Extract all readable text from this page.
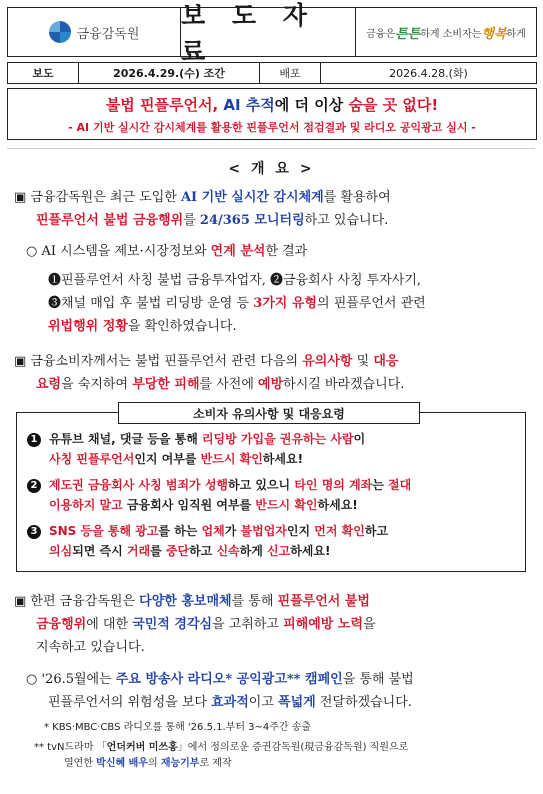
금융감독원
보 도 자 료
금융은 튼튼 하게 소비자는 행복 하게
보도	2026.4.29.(수) 조간	배포	2026.4.28.(화)
불법 핀플루언서, AI 추적에 더 이상 숨을 곳 없다!
- AI 기반 실시간 감시체계를 활용한 핀플루언서 점검결과 및 라디오 공익광고 실시 -
< 개 요 >
▣ 금융감독원은 최근 도입한 AI 기반 실시간 감시체계를 활용하여
핀플루언서 불법 금융행위를 24/365 모니터링하고 있습니다.
○ AI 시스템을 제보·시장정보와 연계 분석한 결과
❶핀플루언서 사칭 불법 금융투자업자, ❷금융회사 사칭 투자사기,
❸채널 매입 후 불법 리딩방 운영 등 3가지 유형의 핀플루언서 관련
위법행위 정황을 확인하였습니다.
▣ 금융소비자께서는 불법 핀플루언서 관련 다음의 유의사항 및 대응
요령을 숙지하여 부당한 피해를 사전에 예방하시길 바라겠습니다.
소비자 유의사항 및 대응요령
1 유튜브 채널, 댓글 등을 통해 리딩방 가입을 권유하는 사람이
사칭 핀플루언서인지 여부를 반드시 확인하세요!
2 제도권 금융회사 사칭 범죄가 성행하고 있으니 타인 명의 계좌는 절대
이용하지 말고 금융회사 임직원 여부를 반드시 확인하세요!
3 SNS 등을 통해 광고를 하는 업체가 불법업자인지 먼저 확인하고
의심되면 즉시 거래를 중단하고 신속하게 신고하세요!
▣ 한편 금융감독원은 다양한 홍보매체를 통해 핀플루언서 불법
금융행위에 대한 국민적 경각심을 고취하고 피해예방 노력을
지속하고 있습니다.
○ '26.5월에는 주요 방송사 라디오* 공익광고** 캠페인을 통해 불법
핀플루언서의 위험성을 보다 효과적이고 폭넓게 전달하겠습니다.
* KBS·MBC·CBS 라디오를 통해 '26.5.1.부터 3~4주간 송출
** tvN드라마 「언더커버 미쓰홍」에서 정의로운 증권감독원(現금융감독원) 직원으로
열연한 박신혜 배우의 재능기부로 제작
